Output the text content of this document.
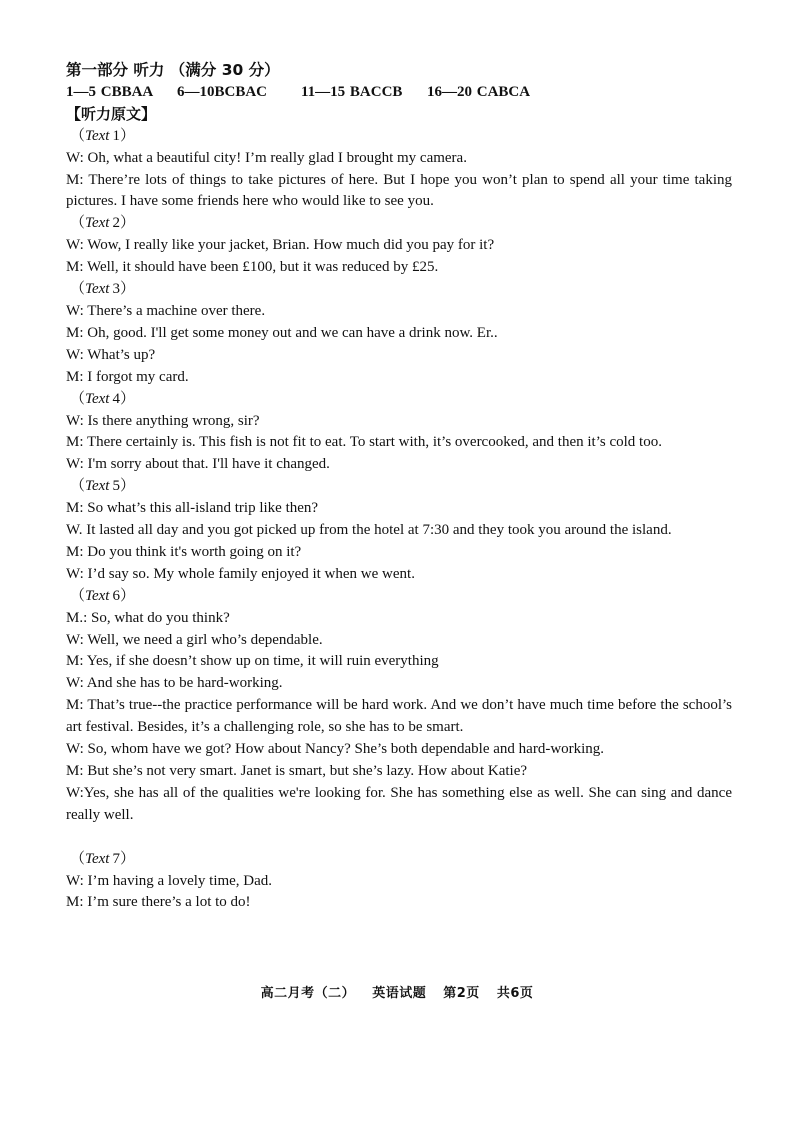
第一部分 听力 （满分 30 分）
1—5 CBBAA 6—10BCBAC 11—15 BACCB 16—20 CABCA
【听力原文】
（Text 1）
W: Oh, what a beautiful city! I’m really glad I brought my camera.
M: There’re lots of things to take pictures of here. But I hope you won’t plan to spend all your time taking pictures. I have some friends here who would like to see you.
（Text 2）
W: Wow, I really like your jacket, Brian. How much did you pay for it?
M: Well, it should have been £100, but it was reduced by £25.
（Text 3）
W: There’s a machine over there.
M: Oh, good. I'll get some money out and we can have a drink now. Er..
W: What’s up?
M: I forgot my card.
（Text 4）
W: Is there anything wrong, sir?
M: There certainly is. This fish is not fit to eat. To start with, it’s overcooked, and then it’s cold too.
W: I'm sorry about that. I'll have it changed.
（Text 5）
M: So what’s this all-island trip like then?
W. It lasted all day and you got picked up from the hotel at 7:30 and they took you around the island.
M: Do you think it's worth going on it?
W: I’d say so. My whole family enjoyed it when we went.
（Text 6）
M.: So, what do you think?
W: Well, we need a girl who’s dependable.
M: Yes, if she doesn’t show up on time, it will ruin everything
W: And she has to be hard-working.
M: That’s true--the practice performance will be hard work. And we don’t have much time before the school’s art festival. Besides, it’s a challenging role, so she has to be smart.
W: So, whom have we got? How about Nancy? She’s both dependable and hard-working.
M: But she’s not very smart. Janet is smart, but she’s lazy. How about Katie?
W:Yes, she has all of the qualities we're looking for. She has something else as well. She can sing and dance really well.
（Text 7）
W: I’m having a lovely time, Dad.
M: I’m sure there’s a lot to do!
高二月考（二） 英语试题 第2页 共6页
